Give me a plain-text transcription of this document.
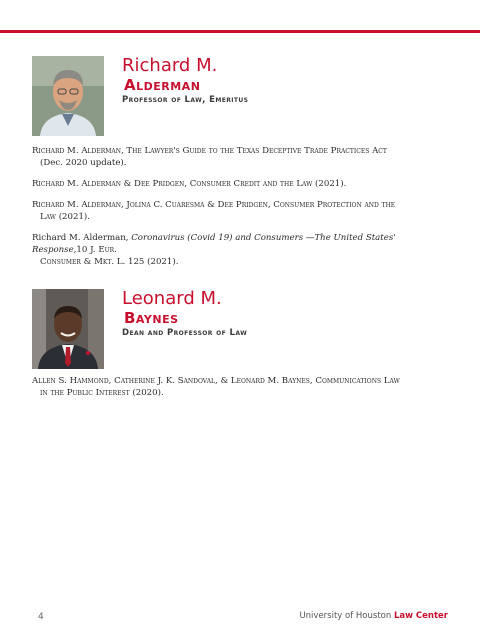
Richard M.
Alderman
Professor of Law, Emeritus
Richard M. Alderman, The Lawyer's Guide to the Texas Deceptive Trade Practices Act
(Dec. 2020 update).
Richard M. Alderman & Dee Pridgen, Consumer Credit and the Law (2021).
Richard M. Alderman, Jolina C. Cuaresma & Dee Pridgen, Consumer Protection and the
Law (2021).
Richard M. Alderman, Coronavirus (Covid 19) and Consumers —The United States' Response,10 J. Eur.
Consumer & Mkt. L. 125 (2021).
Leonard M.
Baynes
Dean and Professor of Law
Allen S. Hammond, Catherine J. K. Sandoval, & Leonard M. Baynes, Communications Law
in the Public Interest (2020).
4	University of Houston Law Center
